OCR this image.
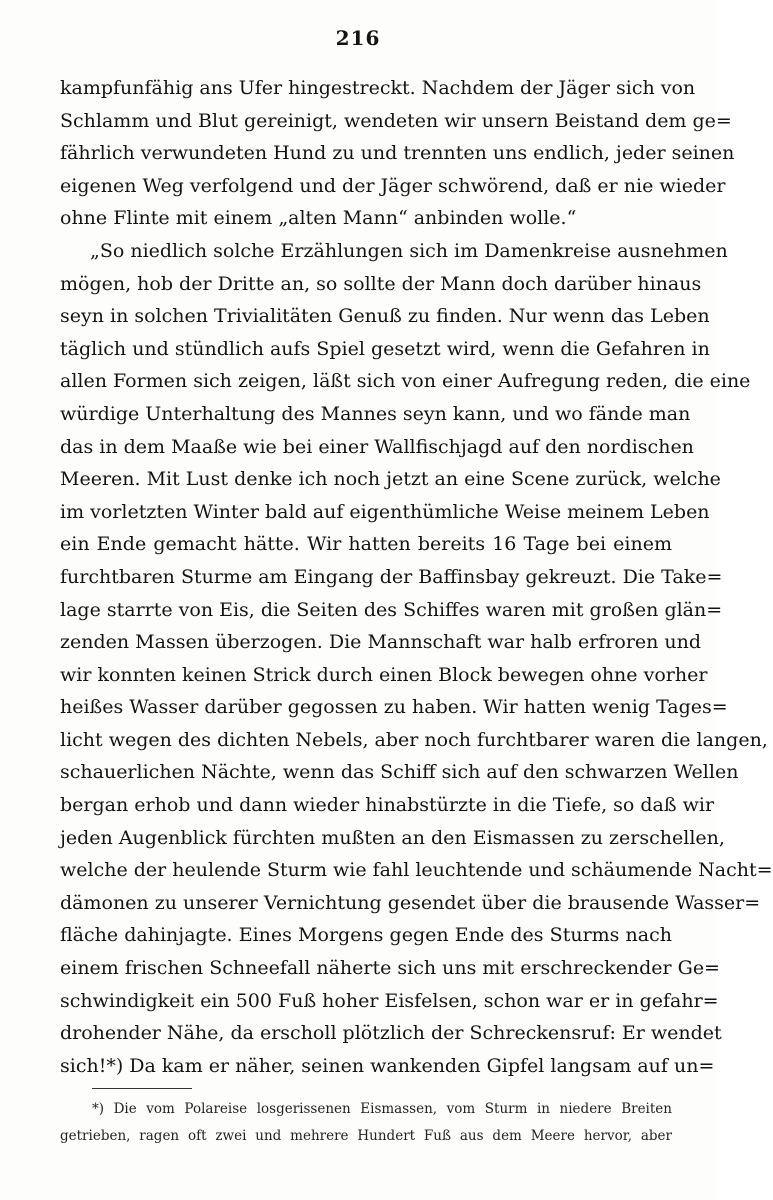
216
kampfunfähig ans Ufer hingestreckt. Nachdem der Jäger sich von
Schlamm und Blut gereinigt, wendeten wir unsern Beistand dem ge=
fährlich verwundeten Hund zu und trennten uns endlich, jeder seinen
eigenen Weg verfolgend und der Jäger schwörend, daß er nie wieder
ohne Flinte mit einem „alten Mann“ anbinden wolle.“
„So niedlich solche Erzählungen sich im Damenkreise ausnehmen
mögen, hob der Dritte an, so sollte der Mann doch darüber hinaus
seyn in solchen Trivialitäten Genuß zu finden. Nur wenn das Leben
täglich und stündlich aufs Spiel gesetzt wird, wenn die Gefahren in
allen Formen sich zeigen, läßt sich von einer Aufregung reden, die eine
würdige Unterhaltung des Mannes seyn kann, und wo fände man
das in dem Maaße wie bei einer Wallfischjagd auf den nordischen
Meeren. Mit Lust denke ich noch jetzt an eine Scene zurück, welche
im vorletzten Winter bald auf eigenthümliche Weise meinem Leben
ein Ende gemacht hätte. Wir hatten bereits 16 Tage bei einem
furchtbaren Sturme am Eingang der Baffinsbay gekreuzt. Die Take=
lage starrte von Eis, die Seiten des Schiffes waren mit großen glän=
zenden Massen überzogen. Die Mannschaft war halb erfroren und
wir konnten keinen Strick durch einen Block bewegen ohne vorher
heißes Wasser darüber gegossen zu haben. Wir hatten wenig Tages=
licht wegen des dichten Nebels, aber noch furchtbarer waren die langen,
schauerlichen Nächte, wenn das Schiff sich auf den schwarzen Wellen
bergan erhob und dann wieder hinabstürzte in die Tiefe, so daß wir
jeden Augenblick fürchten mußten an den Eismassen zu zerschellen,
welche der heulende Sturm wie fahl leuchtende und schäumende Nacht=
dämonen zu unserer Vernichtung gesendet über die brausende Wasser=
fläche dahinjagte. Eines Morgens gegen Ende des Sturms nach
einem frischen Schneefall näherte sich uns mit erschreckender Ge=
schwindigkeit ein 500 Fuß hoher Eisfelsen, schon war er in gefahr=
drohender Nähe, da erscholl plötzlich der Schreckensruf: Er wendet
sich!*) Da kam er näher, seinen wankenden Gipfel langsam auf un=
*) Die vom Polareise losgerissenen Eismassen, vom Sturm in niedere Breiten
getrieben, ragen oft zwei und mehrere Hundert Fuß aus dem Meere hervor, aber
